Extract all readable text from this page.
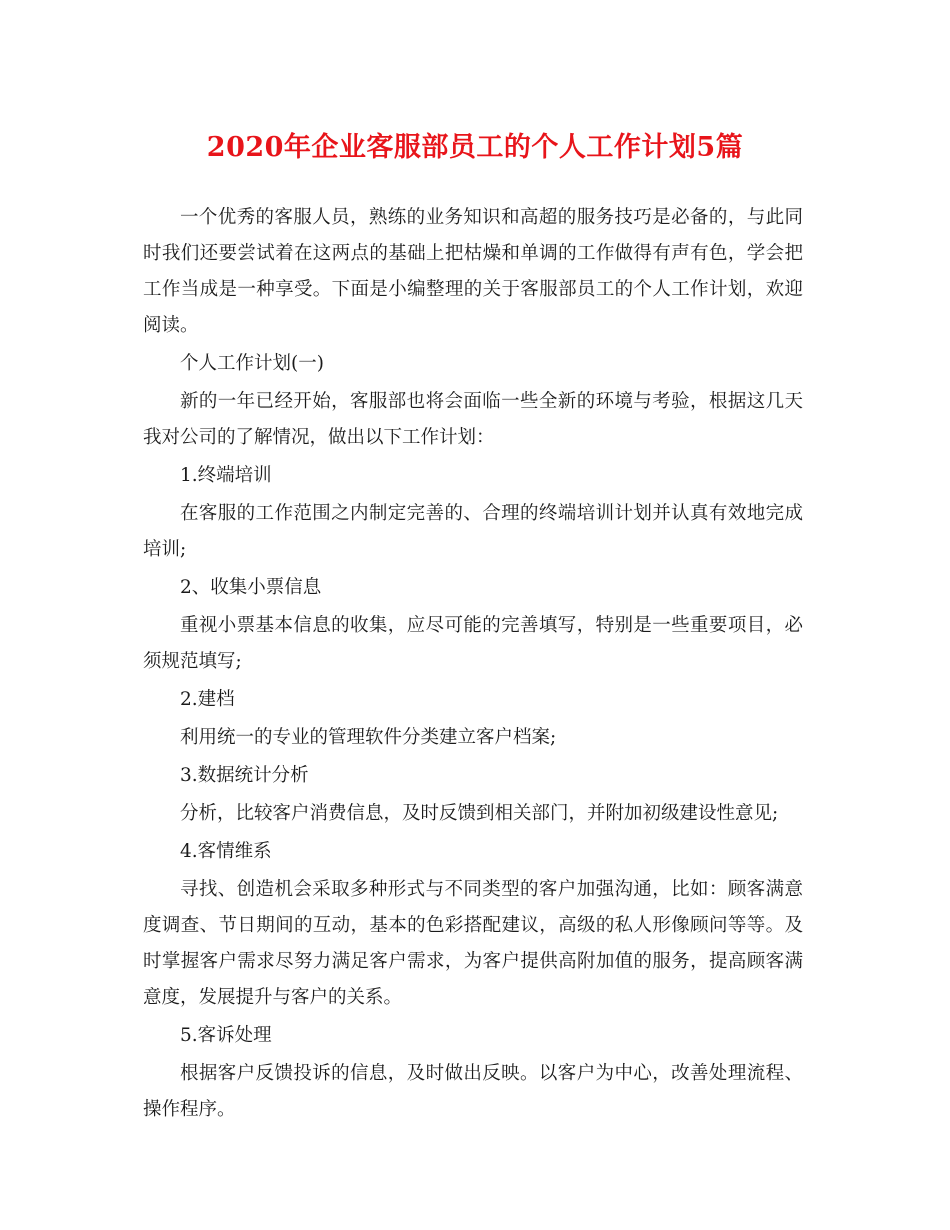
2020年企业客服部员工的个人工作计划5篇

一个优秀的客服人员，熟练的业务知识和高超的服务技巧是必备的，与此同时我们还要尝试着在这两点的基础上把枯燥和单调的工作做得有声有色，学会把工作当成是一种享受。下面是小编整理的关于客服部员工的个人工作计划，欢迎阅读。

个人工作计划(一)

新的一年已经开始，客服部也将会面临一些全新的环境与考验，根据这几天我对公司的了解情况，做出以下工作计划：

1.终端培训

在客服的工作范围之内制定完善的、合理的终端培训计划并认真有效地完成培训;

2、收集小票信息

重视小票基本信息的收集，应尽可能的完善填写，特别是一些重要项目，必须规范填写;

2.建档

利用统一的专业的管理软件分类建立客户档案;

3.数据统计分析

分析，比较客户消费信息，及时反馈到相关部门，并附加初级建设性意见;

4.客情维系

寻找、创造机会采取多种形式与不同类型的客户加强沟通，比如：顾客满意度调查、节日期间的互动，基本的色彩搭配建议，高级的私人形像顾问等等。及时掌握客户需求尽努力满足客户需求，为客户提供高附加值的服务，提高顾客满意度，发展提升与客户的关系。

5.客诉处理

根据客户反馈投诉的信息，及时做出反映。以客户为中心，改善处理流程、操作程序。
